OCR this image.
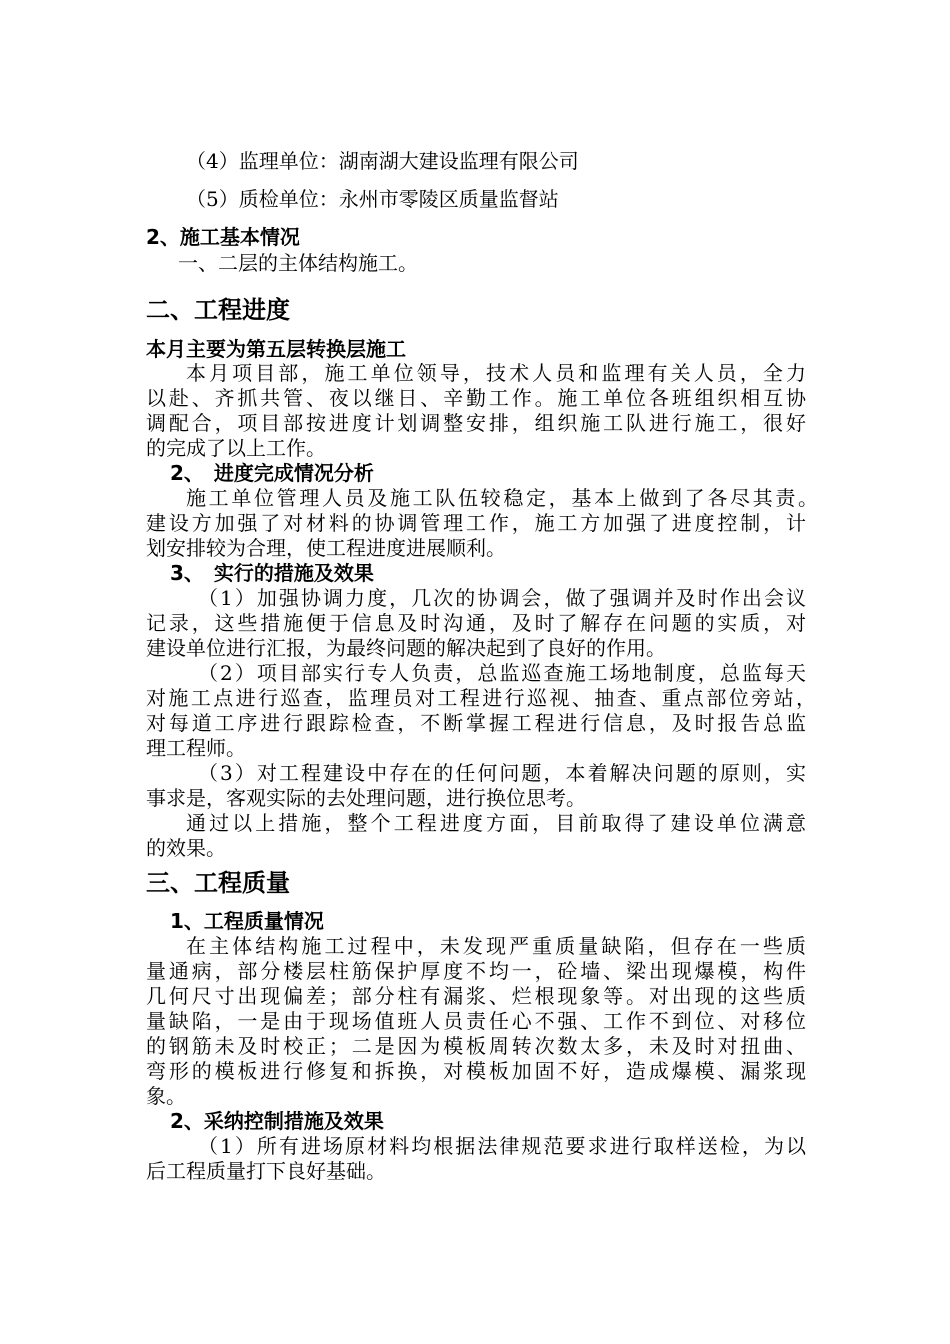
（4）监理单位：湖南湖大建设监理有限公司
（5）质检单位：永州市零陵区质量监督站
2、施工基本情况
一、二层的主体结构施工。
二、工程进度
本月主要为第五层转换层施工
本月项目部，施工单位领导，技术人员和监理有关人员，全力
以赴、齐抓共管、夜以继日、辛勤工作。施工单位各班组织相互协
调配合，项目部按进度计划调整安排，组织施工队进行施工，很好
的完成了以上工作。
2、　进度完成情况分析
施工单位管理人员及施工队伍较稳定，基本上做到了各尽其责。
建设方加强了对材料的协调管理工作，施工方加强了进度控制，计
划安排较为合理，使工程进度进展顺利。
3、　实行的措施及效果
（1）加强协调力度，几次的协调会，做了强调并及时作出会议
记录，这些措施便于信息及时沟通，及时了解存在问题的实质，对
建设单位进行汇报，为最终问题的解决起到了良好的作用。
（2）项目部实行专人负责，总监巡查施工场地制度，总监每天
对施工点进行巡查，监理员对工程进行巡视、抽查、重点部位旁站，
对每道工序进行跟踪检查，不断掌握工程进行信息，及时报告总监
理工程师。
（3）对工程建设中存在的任何问题，本着解决问题的原则，实
事求是，客观实际的去处理问题，进行换位思考。
通过以上措施，整个工程进度方面，目前取得了建设单位满意
的效果。
三、工程质量
1、工程质量情况
在主体结构施工过程中，未发现严重质量缺陷，但存在一些质
量通病，部分楼层柱筋保护厚度不均一，砼墙、梁出现爆模，构件
几何尺寸出现偏差；部分柱有漏浆、烂根现象等。对出现的这些质
量缺陷，一是由于现场值班人员责任心不强、工作不到位、对移位
的钢筋未及时校正；二是因为模板周转次数太多，未及时对扭曲、
弯形的模板进行修复和拆换，对模板加固不好，造成爆模、漏浆现
象。
2、采纳控制措施及效果
（1）所有进场原材料均根据法律规范要求进行取样送检，为以
后工程质量打下良好基础。
